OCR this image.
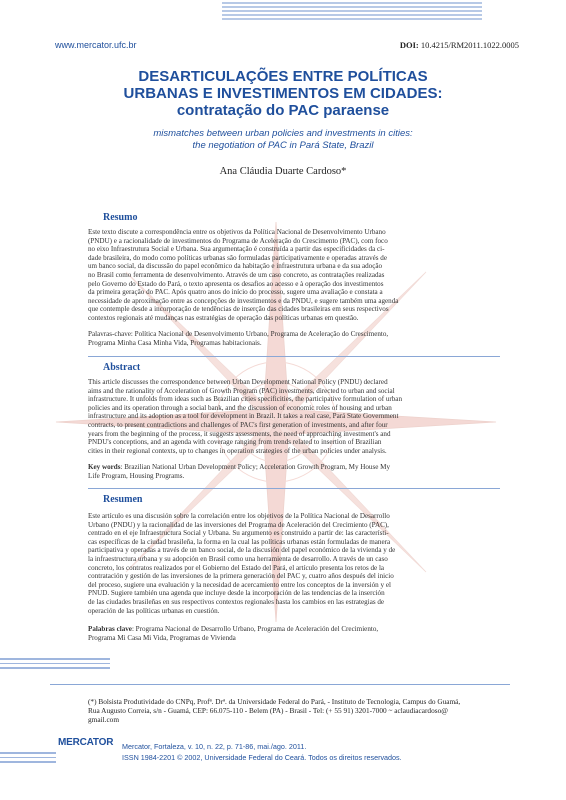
www.mercator.ufc.br	DOI: 10.4215/RM2011.1022.0005
DESARTICULAÇÕES ENTRE POLÍTICAS
URBANAS E INVESTIMENTOS EM CIDADES:
contratação do PAC paraense
mismatches between urban policies and investments in cities:
the negotiation of PAC in Pará State, Brazil
Ana Cláudia Duarte Cardoso*
Resumo
Este texto discute a correspondência entre os objetivos da Política Nacional de Desenvolvimento Urbano
(PNDU) e a racionalidade de investimentos do Programa de Aceleração do Crescimento (PAC), com foco
no eixo Infraestrutura Social e Urbana. Sua argumentação é construída a partir das especificidades da ci-
dade brasileira, do modo como políticas urbanas são formuladas participativamente e operadas através de
um banco social, da discussão do papel econômico da habitação e infraestrutura urbana e da sua adoção
no Brasil como ferramenta de desenvolvimento. Através de um caso concreto, as contratações realizadas
pelo Governo do Estado do Pará, o texto apresenta os desafios ao acesso e à operação dos investimentos
da primeira geração do PAC. Após quatro anos do início do processo, sugere uma avaliação e constata a
necessidade de aproximação entre as concepções de investimentos e da PNDU, e sugere também uma agenda
que contemple desde a incorporação de tendências de inserção das cidades brasileiras em seus respectivos
contextos regionais até mudanças nas estratégias de operação das políticas urbanas em questão.
Palavras-chave: Política Nacional de Desenvolvimento Urbano, Programa de Aceleração do Crescimento,
Programa Minha Casa Minha Vida, Programas habitacionais.
Abstract
This article discusses the correspondence between Urban Development National Policy (PNDU) declared
aims and the rationality of Acceleration of Growth Program (PAC) investments, directed to urban and social
infrastructure. It unfolds from ideas such as Brazilian cities specificities, the participative formulation of urban
policies and its operation through a social bank, and the discussion of economic roles of housing and urban
infrastructure and its adoption as a tool for development in Brazil. It takes a real case, Pará State Government
contracts, to present contradictions and challenges of PAC's first generation of investments, and after four
years from the beginning of the process, it suggests assessments, the need of approaching investment's and
PNDU's conceptions, and an agenda with coverage ranging from trends related to insertion of Brazilian
cities in their regional contexts, up to changes in operation strategies of the urban policies under analysis.
Key words: Brazilian National Urban Development Policy; Acceleration Growth Program, My House My
Life Program, Housing Programs.
Resumen
Este artículo es una discusión sobre la correlación entre los objetivos de la Política Nacional de Desarrollo
Urbano (PNDU) y la racionalidad de las inversiones del Programa de Aceleración del Crecimiento (PAC),
centrado en el eje Infraestructura Social y Urbana. Su argumento es construido a partir de: las característi-
cas específicas de la ciudad brasileña, la forma en la cual las políticas urbanas están formuladas de manera
participativa y operadas a través de un banco social, de la discusión del papel económico de la vivienda y de
la infraestructura urbana y su adopción en Brasil como una herramienta de desarrollo. A través de un caso
concreto, los contratos realizados por el Gobierno del Estado del Pará, el artículo presenta los retos de la
contratación y gestión de las inversiones de la primera generación del PAC y, cuatro años después del inicio
del proceso, sugiere una evaluación y la necesidad de acercamiento entre los conceptos de la inversión y el
PNUD. Sugiere también una agenda que incluye desde la incorporación de las tendencias de la inserción
de las ciudades brasileñas en sus respectivos contextos regionales hasta los cambios en las estrategias de
operación de las políticas urbanas en cuestión.
Palabras clave: Programa Nacional de Desarrollo Urbano, Programa de Aceleración del Crecimiento,
Programa Mi Casa Mi Vida, Programas de Vivienda
(*) Bolsista Produtividade do CNPq, Profª. Drª. da Universidade Federal do Pará, - Instituto de Tecnologia, Campus do Guamá,
Rua Augusto Correia, s/n - Guamá, CEP: 66.075-110 - Belem (PA) - Brasil - Tel: (+ 55 91) 3201-7000 ~ aclaudiacardoso@
gmail.com
MERCATOR Mercator, Fortaleza, v. 10, n. 22, p. 71-86, mai./ago. 2011.
ISSN 1984-2201 © 2002, Universidade Federal do Ceará. Todos os direitos reservados.
